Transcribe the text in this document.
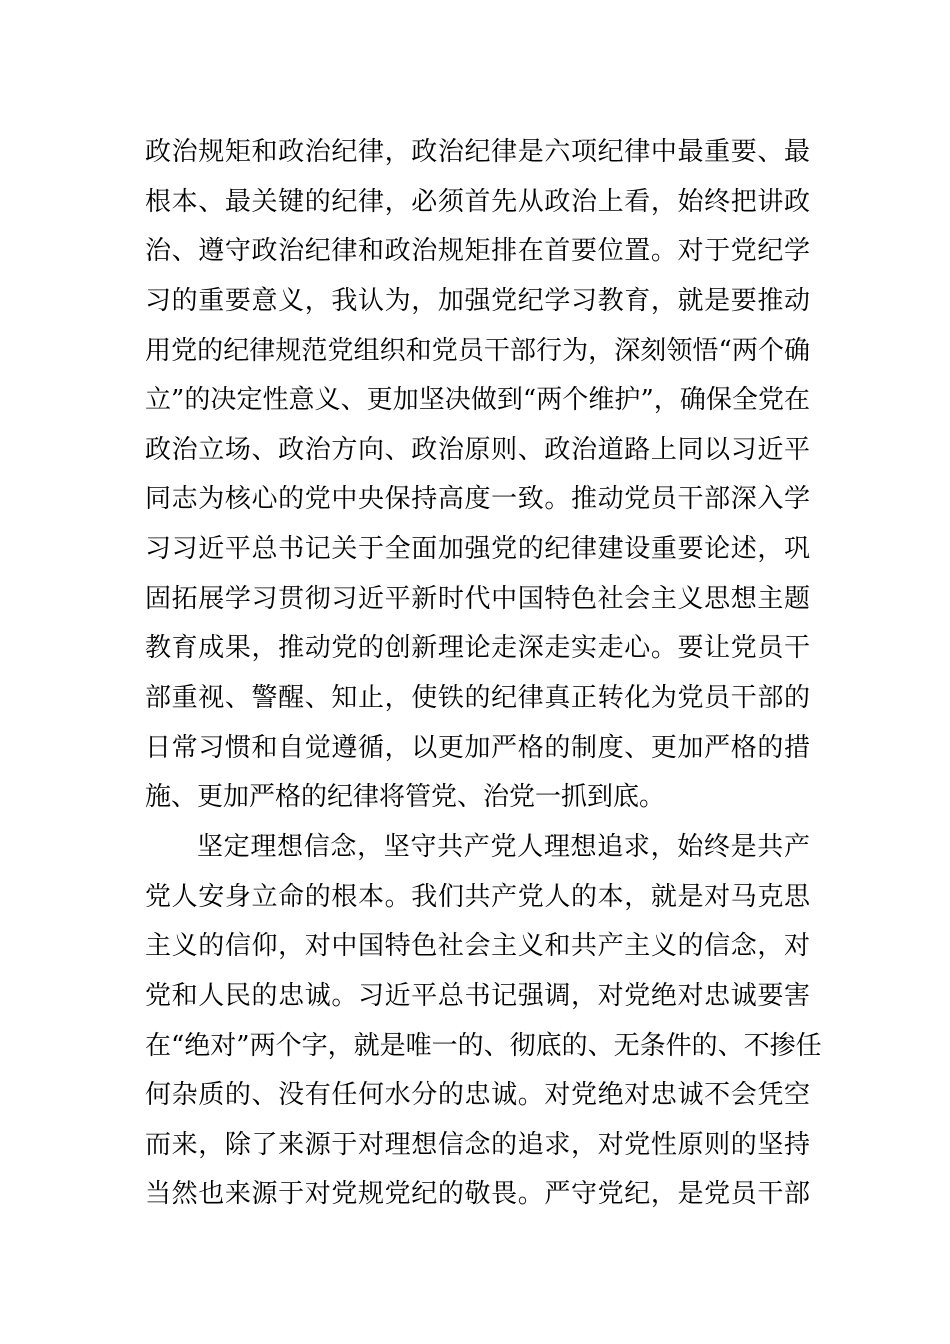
政治规矩和政治纪律，政治纪律是六项纪律中最重要、最
根本、最关键的纪律，必须首先从政治上看，始终把讲政
治、遵守政治纪律和政治规矩排在首要位置。对于党纪学
习的重要意义，我认为，加强党纪学习教育，就是要推动
用党的纪律规范党组织和党员干部行为，深刻领悟“两个确
立”的决定性意义、更加坚决做到“两个维护”，确保全党在
政治立场、政治方向、政治原则、政治道路上同以习近平
同志为核心的党中央保持高度一致。推动党员干部深入学
习习近平总书记关于全面加强党的纪律建设重要论述，巩
固拓展学习贯彻习近平新时代中国特色社会主义思想主题
教育成果，推动党的创新理论走深走实走心。要让党员干
部重视、警醒、知止，使铁的纪律真正转化为党员干部的
日常习惯和自觉遵循，以更加严格的制度、更加严格的措
施、更加严格的纪律将管党、治党一抓到底。
坚定理想信念，坚守共产党人理想追求，始终是共产
党人安身立命的根本。我们共产党人的本，就是对马克思
主义的信仰，对中国特色社会主义和共产主义的信念，对
党和人民的忠诚。习近平总书记强调，对党绝对忠诚要害
在“绝对”两个字，就是唯一的、彻底的、无条件的、不掺任
何杂质的、没有任何水分的忠诚。对党绝对忠诚不会凭空
而来，除了来源于对理想信念的追求，对党性原则的坚持
当然也来源于对党规党纪的敬畏。严守党纪，是党员干部
